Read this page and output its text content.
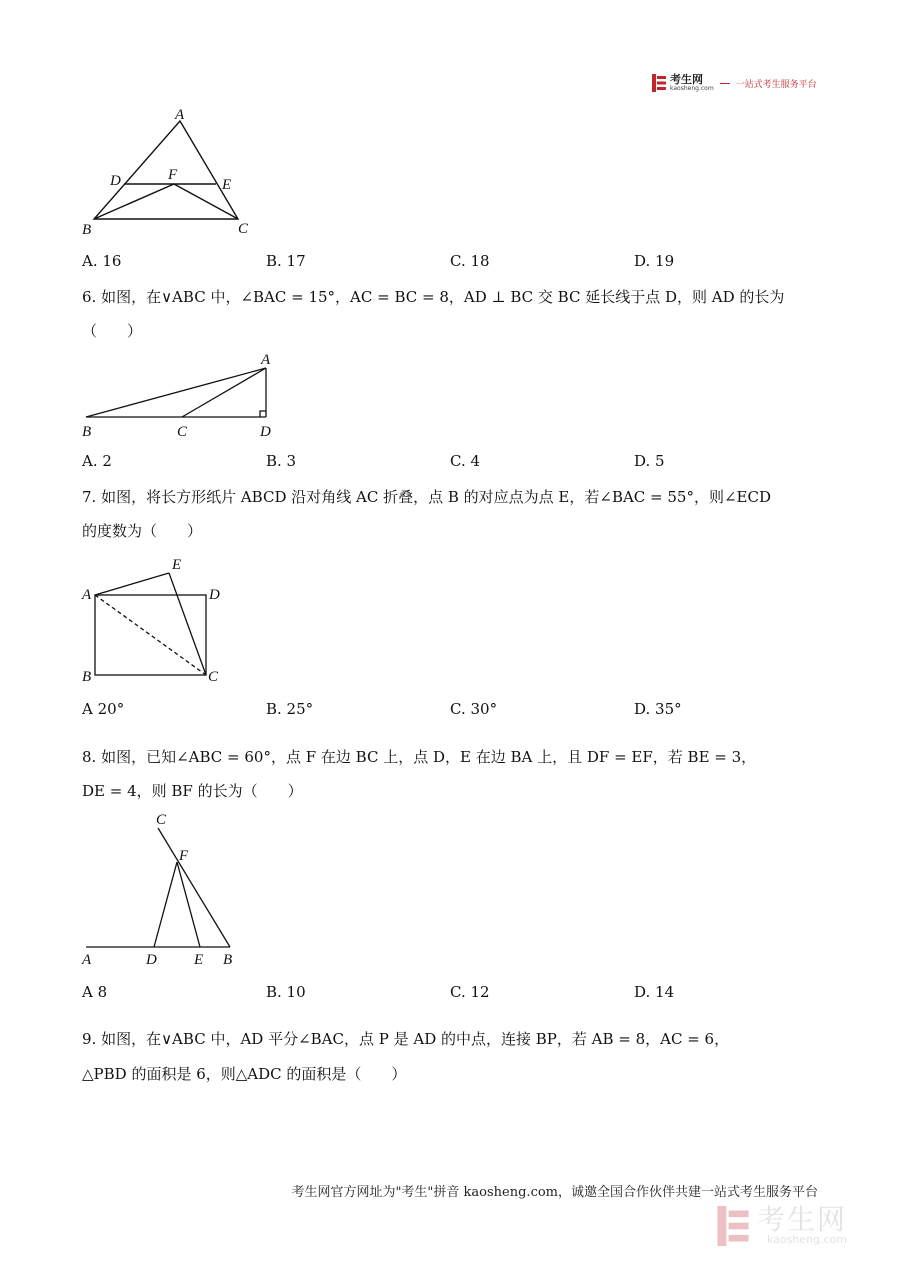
考生网
kaosheng.com 一站式考生服务平台
A
D	F
E
B	C
A. 16	B. 17	C. 18	D. 19
6. 如图，在∨ABC 中，∠BAC = 15°，AC = BC = 8，AD ⊥ BC 交 BC 延长线于点 D，则 AD 的长为
（　　）
A
B	C	D
A. 2	B. 3	C. 4	D. 5
7. 如图，将长方形纸片 ABCD 沿对角线 AC 折叠，点 B 的对应点为点 E，若∠BAC = 55°，则∠ECD
的度数为（　　）
E
A	D
B	C
A 20°	B. 25°	C. 30°	D. 35°
8. 如图，已知∠ABC = 60°，点 F 在边 BC 上，点 D，E 在边 BA 上，且 DF = EF，若 BE = 3，
DE = 4，则 BF 的长为（　　）
C
F
A	D E B
A 8	B. 10	C. 12	D. 14
9. 如图，在∨ABC 中，AD 平分∠BAC，点 P 是 AD 的中点，连接 BP，若 AB = 8，AC = 6，
△PBD 的面积是 6，则△ADC 的面积是（　　）
考生网官方网址为"考生"拼音 kaosheng.com，诚邀全国合作伙伴共建一站式考生服务平台
考生网
kaosheng.com
